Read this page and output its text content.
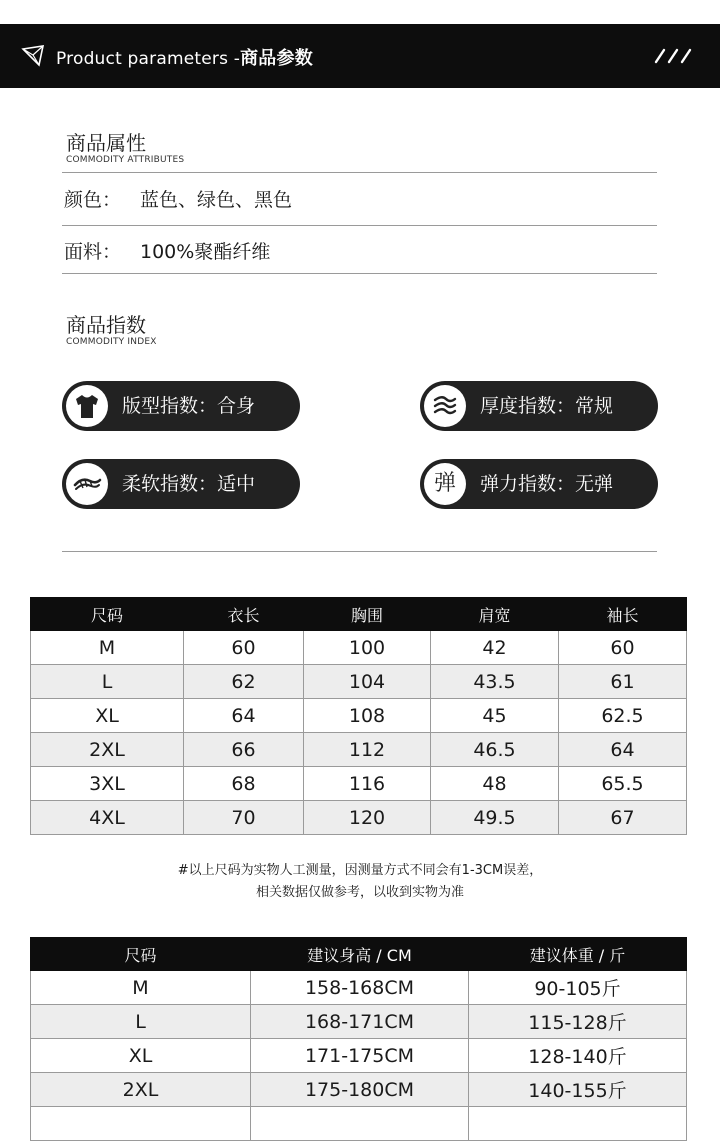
Product parameters -商品参数
商品属性
COMMODITY ATTRIBUTES
颜色： 蓝色、绿色、黑色
面料： 100%聚酯纤维
商品指数
COMMODITY INDEX
版型指数：合身	厚度指数：常规
柔软指数：适中	弹	弹力指数：无弹
尺码	衣长	胸围	肩宽	袖长
M	60	100	42	60
L	62	104	43.5	61
XL	64	108	45	62.5
2XL	66	112	46.5	64
3XL	68	116	48	65.5
4XL	70	120	49.5	67
#以上尺码为实物人工测量，因测量方式不同会有1-3CM误差，
相关数据仅做参考，以收到实物为准
尺码	建议身高 / CM	建议体重 / 斤
M	158-168CM	90-105斤
L	168-171CM	115-128斤
XL	171-175CM	128-140斤
2XL	175-180CM	140-155斤
